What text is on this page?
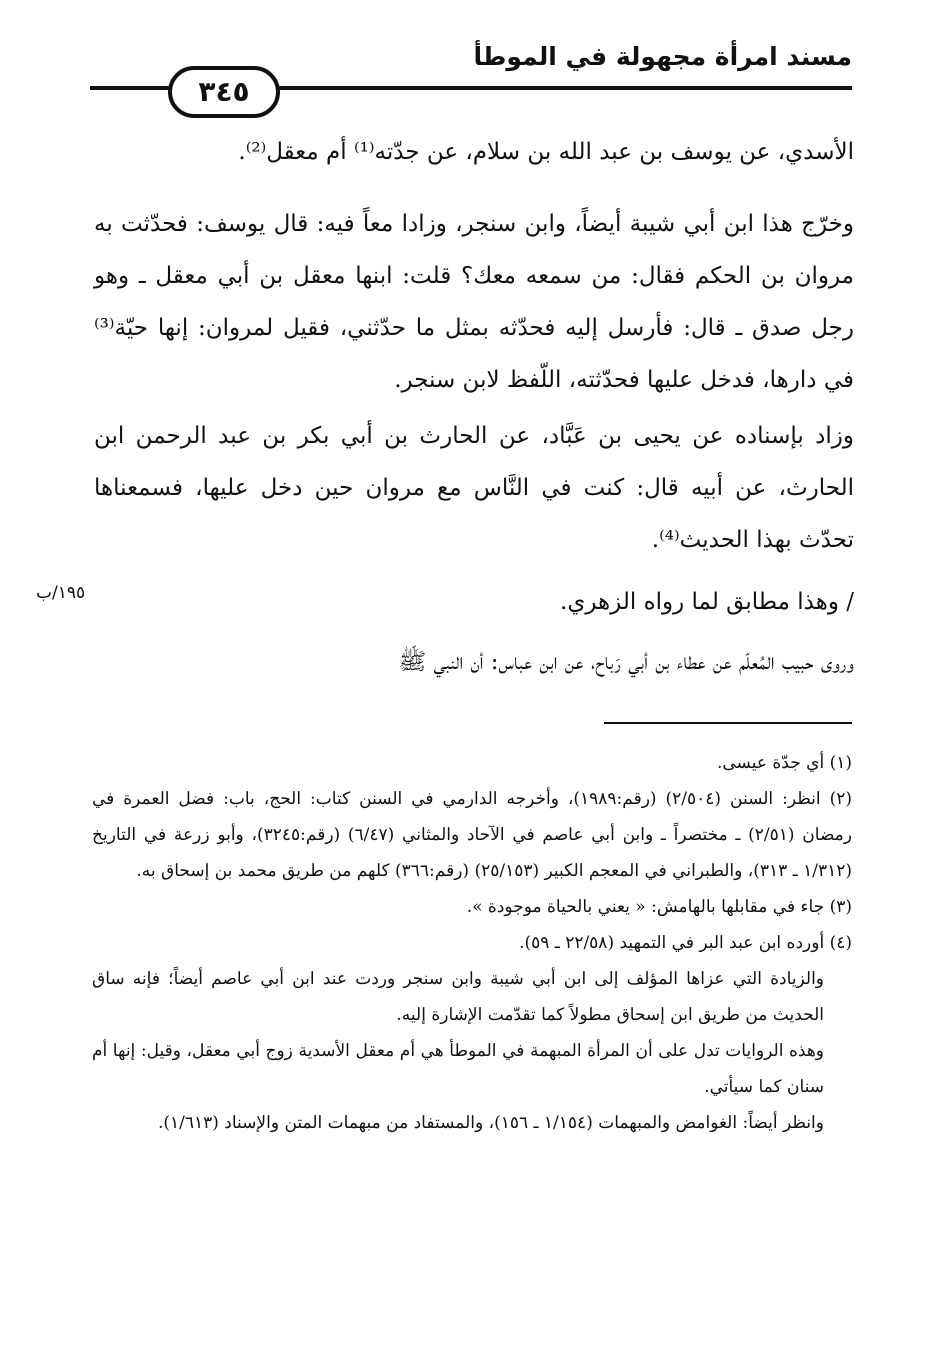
مسند امرأة مجهولة في الموطأ
٣٤٥

الأسدي، عن يوسف بن عبد الله بن سلام، عن جدّته⁽¹⁾ أم معقل⁽²⁾.

وخرّج هذا ابن أبي شيبة أيضاً، وابن سنجر، وزادا معاً فيه: قال يوسف: فحدّثت به مروان بن الحكم فقال: من سمعه معك؟ قلت: ابنها معقل بن أبي معقل ـ وهو رجل صدق ـ قال: فأرسل إليه فحدّثه بمثل ما حدّثني، فقيل لمروان: إنها حيّة⁽³⁾ في دارها، فدخل عليها فحدّثته، اللّفظ لابن سنجر.

وزاد بإسناده عن يحيى بن عَبَّاد، عن الحارث بن أبي بكر بن عبد الرحمن ابن الحارث، عن أبيه قال: كنت في النَّاس مع مروان حين دخل عليها، فسمعناها تحدّث بهذا الحديث⁽⁴⁾.

/ وهذا مطابق لما رواه الزهري.

١٩٥/ب

وروى حبيب المُعلّم عن عطاء بن أبي رَباح، عن ابن عباس: أن النبي ﷺ

(١) أي جدّة عيسى.

(٢) انظر: السنن (٢/٥٠٤) (رقم:١٩٨٩)، وأخرجه الدارمي في السنن كتاب: الحج، باب: فضل العمرة في رمضان (٢/٥١) ـ مختصراً ـ وابن أبي عاصم في الآحاد والمثاني (٦/٤٧) (رقم:٣٢٤٥)، وأبو زرعة في التاريخ (١/٣١٢ ـ ٣١٣)، والطبراني في المعجم الكبير (٢٥/١٥٣) (رقم:٣٦٦) كلهم من طريق محمد بن إسحاق به.

(٣) جاء في مقابلها بالهامش: « يعني بالحياة موجودة ».

(٤) أورده ابن عبد البر في التمهيد (٢٢/٥٨ ـ ٥٩).

والزيادة التي عزاها المؤلف إلى ابن أبي شيبة وابن سنجر وردت عند ابن أبي عاصم أيضاً؛ فإنه ساق الحديث من طريق ابن إسحاق مطولاً كما تقدّمت الإشارة إليه.

وهذه الروايات تدل على أن المرأة المبهمة في الموطأ هي أم معقل الأسدية زوج أبي معقل، وقيل: إنها أم سنان كما سيأتي.

وانظر أيضاً: الغوامض والمبهمات (١/١٥٤ ـ ١٥٦)، والمستفاد من مبهمات المتن والإسناد (١/٦١٣).
